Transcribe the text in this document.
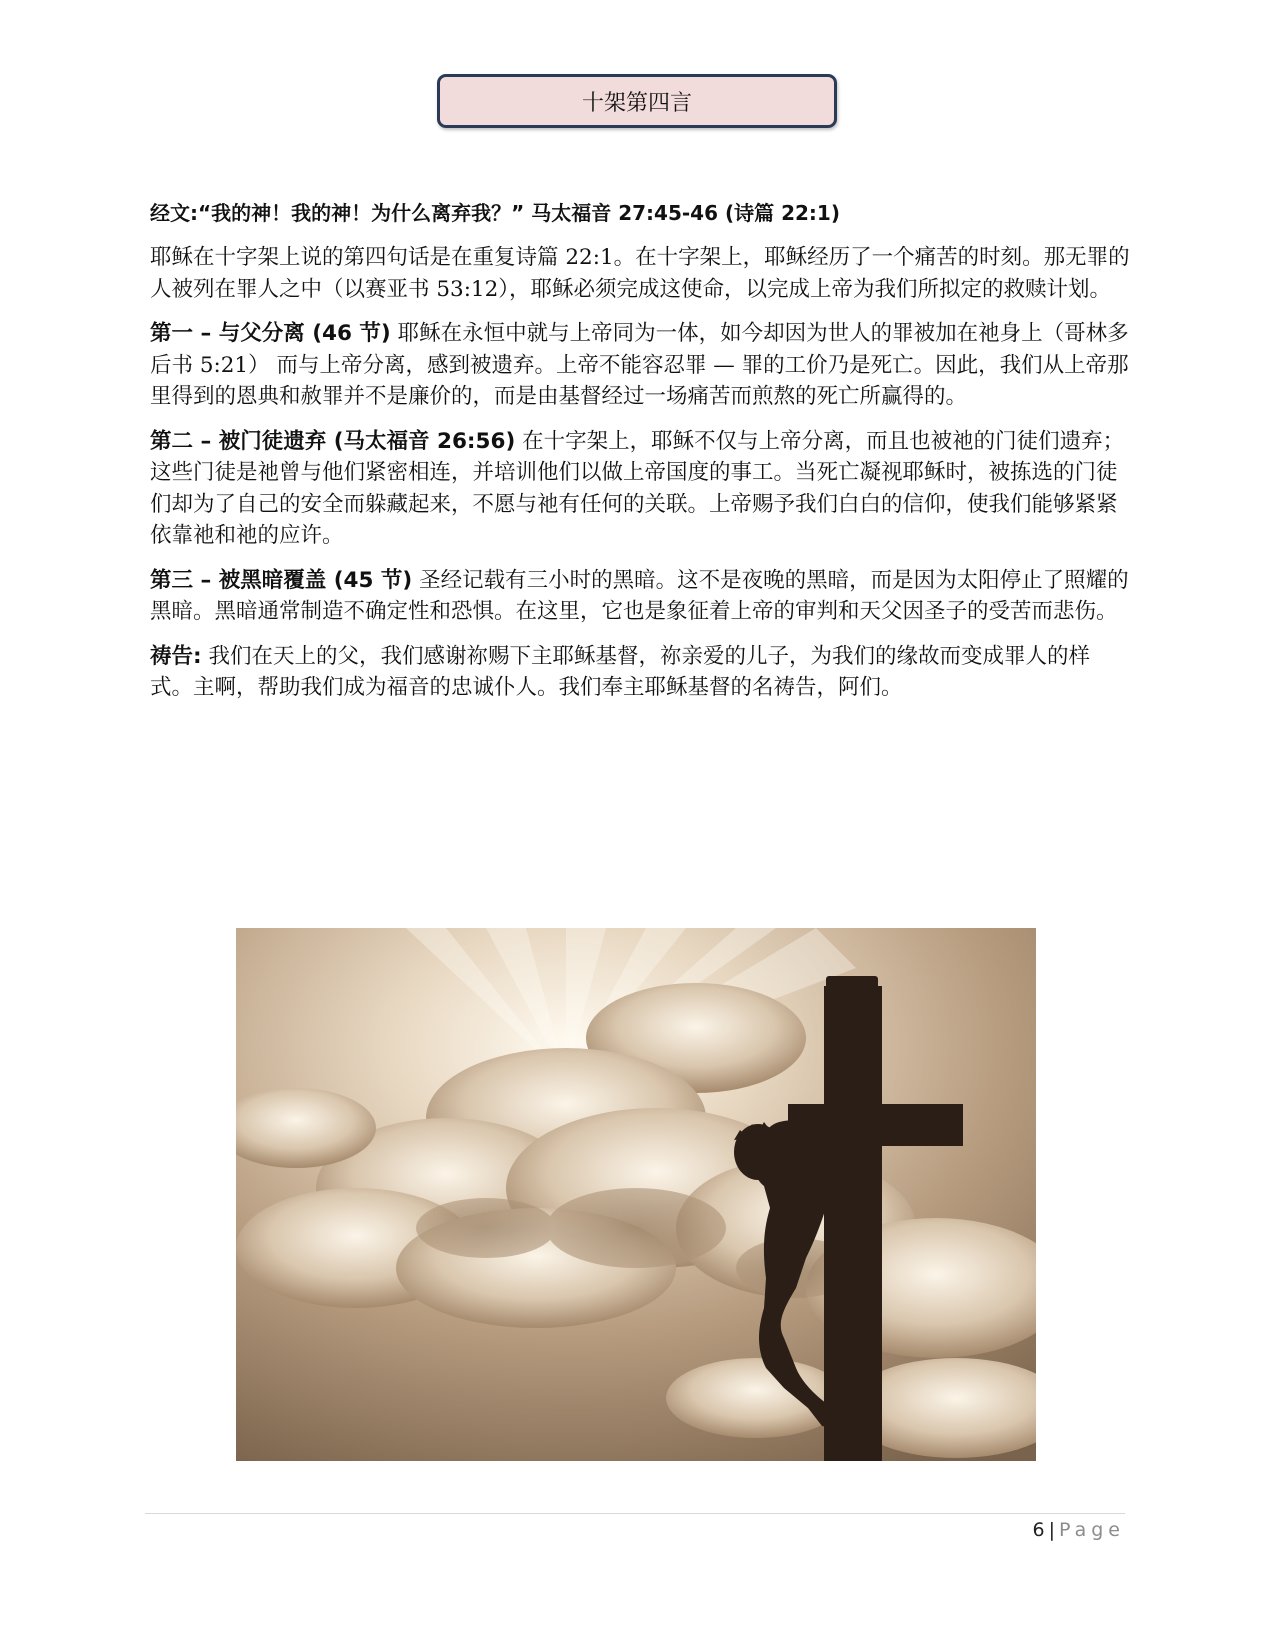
十架第四言

经文:“我的神！我的神！为什么离弃我？” 马太福音 27:45-46 (诗篇 22:1)

耶稣在十字架上说的第四句话是在重复诗篇 22:1。在十字架上，耶稣经历了一个痛苦的时刻。那无罪的人被列在罪人之中（以赛亚书 53:12），耶稣必须完成这使命，以完成上帝为我们所拟定的救赎计划。

第一 – 与父分离 (46 节) 耶稣在永恒中就与上帝同为一体，如今却因为世人的罪被加在祂身上（哥林多后书 5:21） 而与上帝分离，感到被遗弃。上帝不能容忍罪 — 罪的工价乃是死亡。因此，我们从上帝那里得到的恩典和赦罪并不是廉价的，而是由基督经过一场痛苦而煎熬的死亡所赢得的。

第二 – 被门徒遗弃 (马太福音 26:56) 在十字架上，耶稣不仅与上帝分离，而且也被祂的门徒们遗弃；这些门徒是祂曾与他们紧密相连，并培训他们以做上帝国度的事工。当死亡凝视耶稣时，被拣选的门徒们却为了自己的安全而躲藏起来，不愿与祂有任何的关联。上帝赐予我们白白的信仰，使我们能够紧紧依靠祂和祂的应许。

第三 – 被黑暗覆盖 (45 节) 圣经记载有三小时的黑暗。这不是夜晚的黑暗，而是因为太阳停止了照耀的黑暗。黑暗通常制造不确定性和恐惧。在这里，它也是象征着上帝的审判和天父因圣子的受苦而悲伤。

祷告: 我们在天上的父，我们感谢祢赐下主耶稣基督，祢亲爱的儿子，为我们的缘故而变成罪人的样式。主啊，帮助我们成为福音的忠诚仆人。我们奉主耶稣基督的名祷告，阿们。

6 | Page
